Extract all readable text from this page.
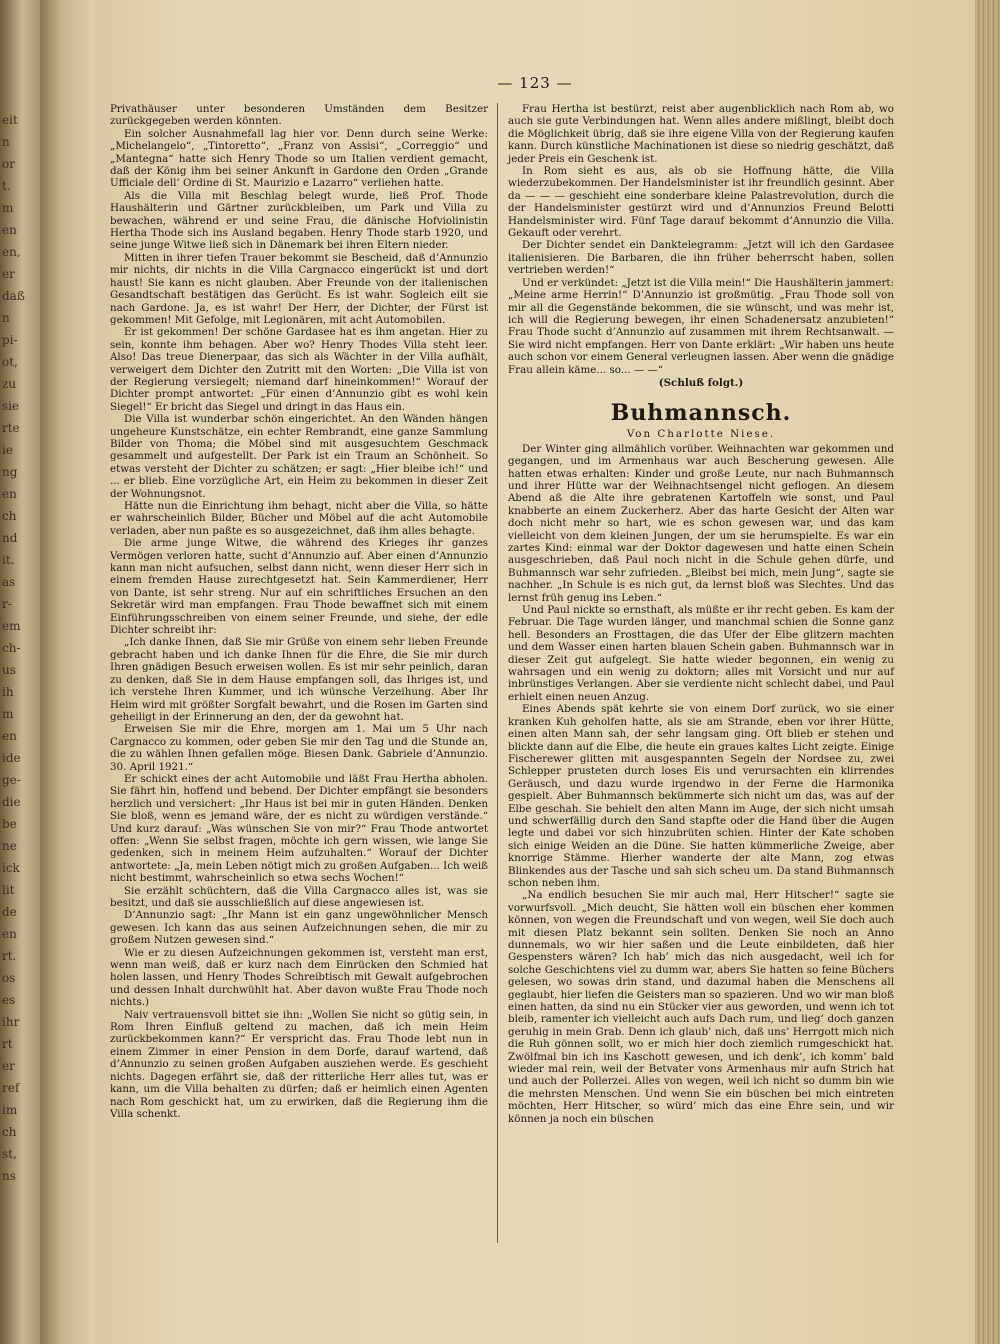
eit
n
or
t.
m
en
en,
er
daß
n
pi-
ot,
zu
sie
rte
ie
ng
en
ch
nd
it.
as
r-
em
ch-
us
ih
m
en
ide
ge-
die
be
ne
ick
lit
de
en
rt.
os
es
ihr
rt
er
ref
im
ch
st,
ns
— 123 —

Privathäuser unter besonderen Umständen dem Besitzer zurückgegeben werden könnten.

Ein solcher Ausnahmefall lag hier vor. Denn durch seine Werke: „Michelangelo“, „Tintoretto“, „Franz von Assisi“, „Correggio“ und „Mantegna“ hatte sich Henry Thode so um Italien verdient gemacht, daß der König ihm bei seiner Ankunft in Gardone den Orden „Grande Ufficiale dell’ Ordine di St. Maurizio e Lazarro“ verliehen hatte.

Als die Villa mit Beschlag belegt wurde, ließ Prof. Thode Haushälterin und Gärtner zurückbleiben, um Park und Villa zu bewachen, während er und seine Frau, die dänische Hofviolinistin Hertha Thode sich ins Ausland begaben. Henry Thode starb 1920, und seine junge Witwe ließ sich in Dänemark bei ihren Eltern nieder.

Mitten in ihrer tiefen Trauer bekommt sie Bescheid, daß d’Annunzio mir nichts, dir nichts in die Villa Cargnacco eingerückt ist und dort haust! Sie kann es nicht glauben. Aber Freunde von der italienischen Gesandtschaft bestätigen das Gerücht. Es ist wahr. Sogleich eilt sie nach Gardone. Ja, es ist wahr! Der Herr, der Dichter, der Fürst ist gekommen! Mit Gefolge, mit Legionären, mit acht Automobilen.

Er ist gekommen! Der schöne Gardasee hat es ihm angetan. Hier zu sein, konnte ihm behagen. Aber wo? Henry Thodes Villa steht leer. Also! Das treue Dienerpaar, das sich als Wächter in der Villa aufhält, verweigert dem Dichter den Zutritt mit den Worten: „Die Villa ist von der Regierung versiegelt; niemand darf hineinkommen!“ Worauf der Dichter prompt antwortet: „Für einen d’Annunzio gibt es wohl kein Siegel!“ Er bricht das Siegel und dringt in das Haus ein.

Die Villa ist wunderbar schön eingerichtet. An den Wänden hängen ungeheure Kunstschätze, ein echter Rembrandt, eine ganze Sammlung Bilder von Thoma; die Möbel sind mit ausgesuchtem Geschmack gesammelt und aufgestellt. Der Park ist ein Traum an Schönheit. So etwas versteht der Dichter zu schätzen; er sagt: „Hier bleibe ich!“ und ... er blieb. Eine vorzügliche Art, ein Heim zu bekommen in dieser Zeit der Wohnungsnot.

Hätte nun die Einrichtung ihm behagt, nicht aber die Villa, so hätte er wahrscheinlich Bilder, Bücher und Möbel auf die acht Automobile verladen, aber nun paßte es so ausgezeichnet, daß ihm alles behagte.

Die arme junge Witwe, die während des Krieges ihr ganzes Vermögen verloren hatte, sucht d’Annunzio auf. Aber einen d’Annunzio kann man nicht aufsuchen, selbst dann nicht, wenn dieser Herr sich in einem fremden Hause zurechtgesetzt hat. Sein Kammerdiener, Herr von Dante, ist sehr streng. Nur auf ein schriftliches Ersuchen an den Sekretär wird man empfangen. Frau Thode bewaffnet sich mit einem Einführungsschreiben von einem seiner Freunde, und siehe, der edle Dichter schreibt ihr:

„Ich danke Ihnen, daß Sie mir Grüße von einem sehr lieben Freunde gebracht haben und ich danke Ihnen für die Ehre, die Sie mir durch Ihren gnädigen Besuch erweisen wollen. Es ist mir sehr peinlich, daran zu denken, daß Sie in dem Hause empfangen soll, das Ihriges ist, und ich verstehe Ihren Kummer, und ich wünsche Verzeihung. Aber Ihr Heim wird mit größter Sorgfalt bewahrt, und die Rosen im Garten sind geheiligt in der Erinnerung an den, der da gewohnt hat.

Erweisen Sie mir die Ehre, morgen am 1. Mai um 5 Uhr nach Cargnacco zu kommen, oder geben Sie mir den Tag und die Stunde an, die zu wählen Ihnen gefallen möge. Biesen Dank. Gabriele d’Annunzio. 30. April 1921.“

Er schickt eines der acht Automobile und läßt Frau Hertha abholen. Sie fährt hin, hoffend und bebend. Der Dichter empfängt sie besonders herzlich und versichert: „Ihr Haus ist bei mir in guten Händen. Denken Sie bloß, wenn es jemand wäre, der es nicht zu würdigen verstände.“ Und kurz darauf: „Was wünschen Sie von mir?“ Frau Thode antwortet offen: „Wenn Sie selbst fragen, möchte ich gern wissen, wie lange Sie gedenken, sich in meinem Heim aufzuhalten.“ Worauf der Dichter antwortete: „Ja, mein Leben nötigt mich zu großen Aufgaben... Ich weiß nicht bestimmt, wahrscheinlich so etwa sechs Wochen!“

Sie erzählt schüchtern, daß die Villa Cargnacco alles ist, was sie besitzt, und daß sie ausschließlich auf diese angewiesen ist.

D’Annunzio sagt: „Ihr Mann ist ein ganz ungewöhnlicher Mensch gewesen. Ich kann das aus seinen Aufzeichnungen sehen, die mir zu großem Nutzen gewesen sind.“

Wie er zu diesen Aufzeichnungen gekommen ist, versteht man erst, wenn man weiß, daß er kurz nach dem Einrücken den Schmied hat holen lassen, und Henry Thodes Schreibtisch mit Gewalt aufgebrochen und dessen Inhalt durchwühlt hat. Aber davon wußte Frau Thode noch nichts.)

Naiv vertrauensvoll bittet sie ihn: „Wollen Sie nicht so gütig sein, in Rom Ihren Einfluß geltend zu machen, daß ich mein Heim zurückbekommen kann?“ Er verspricht das. Frau Thode lebt nun in einem Zimmer in einer Pension in dem Dorfe, darauf wartend, daß d’Annunzio zu seinen großen Aufgaben ausziehen werde. Es geschieht nichts. Dagegen erfährt sie, daß der ritterliche Herr alles tut, was er kann, um die Villa behalten zu dürfen; daß er heimlich einen Agenten nach Rom geschickt hat, um zu erwirken, daß die Regierung ihm die Villa schenkt.

Frau Hertha ist bestürzt, reist aber augenblicklich nach Rom ab, wo auch sie gute Verbindungen hat. Wenn alles andere mißlingt, bleibt doch die Möglichkeit übrig, daß sie ihre eigene Villa von der Regierung kaufen kann. Durch künstliche Machinationen ist diese so niedrig geschätzt, daß jeder Preis ein Geschenk ist.

In Rom sieht es aus, als ob sie Hoffnung hätte, die Villa wiederzubekommen. Der Handelsminister ist ihr freundlich gesinnt. Aber da — — — geschieht eine sonderbare kleine Palastrevolution, durch die der Handelsminister gestürzt wird und d’Annunzios Freund Belotti Handelsminister wird. Fünf Tage darauf bekommt d’Annunzio die Villa. Gekauft oder verehrt.

Der Dichter sendet ein Danktelegramm: „Jetzt will ich den Gardasee italienisieren. Die Barbaren, die ihn früher beherrscht haben, sollen vertrieben werden!“

Und er verkündet: „Jetzt ist die Villa mein!“ Die Haushälterin jammert: „Meine arme Herrin!“ D’Annunzio ist großmütig. „Frau Thode soll von mir all die Gegenstände bekommen, die sie wünscht, und was mehr ist, ich will die Regierung bewegen, ihr einen Schadenersatz anzubieten!“ Frau Thode sucht d’Annunzio auf zusammen mit ihrem Rechtsanwalt. — Sie wird nicht empfangen. Herr von Dante erklärt: „Wir haben uns heute auch schon vor einem General verleugnen lassen. Aber wenn die gnädige Frau allein käme... so... — —“

(Schluß folgt.)
Buhmannsch.
Von Charlotte Niese.

Der Winter ging allmählich vorüber. Weihnachten war gekommen und gegangen, und im Armenhaus war auch Bescherung gewesen. Alle hatten etwas erhalten: Kinder und große Leute, nur nach Buhmannsch und ihrer Hütte war der Weihnachtsengel nicht geflogen. An diesem Abend aß die Alte ihre gebratenen Kartoffeln wie sonst, und Paul knabberte an einem Zuckerherz. Aber das harte Gesicht der Alten war doch nicht mehr so hart, wie es schon gewesen war, und das kam vielleicht von dem kleinen Jungen, der um sie herumspielte. Es war ein zartes Kind: einmal war der Doktor dagewesen und hatte einen Schein ausgeschrieben, daß Paul noch nicht in die Schule gehen dürfe, und Buhmannsch war sehr zufrieden. „Bleibst bei mich, mein Jung“, sagte sie nachher. „In Schule is es nich gut, da lernst bloß was Slechtes. Und das lernst früh genug ins Leben.“

Und Paul nickte so ernsthaft, als müßte er ihr recht geben. Es kam der Februar. Die Tage wurden länger, und manchmal schien die Sonne ganz hell. Besonders an Frosttagen, die das Ufer der Elbe glitzern machten und dem Wasser einen harten blauen Schein gaben. Buhmannsch war in dieser Zeit gut aufgelegt. Sie hatte wieder begonnen, ein wenig zu wahrsagen und ein wenig zu doktorn; alles mit Vorsicht und nur auf inbrünstiges Verlangen. Aber sie verdiente nicht schlecht dabei, und Paul erhielt einen neuen Anzug.

Eines Abends spät kehrte sie von einem Dorf zurück, wo sie einer kranken Kuh geholfen hatte, als sie am Strande, eben vor ihrer Hütte, einen alten Mann sah, der sehr langsam ging. Oft blieb er stehen und blickte dann auf die Elbe, die heute ein graues kaltes Licht zeigte. Einige Fischerewer glitten mit ausgespannten Segeln der Nordsee zu, zwei Schlepper prusteten durch loses Eis und verursachten ein klirrendes Geräusch, und dazu wurde irgendwo in der Ferne die Harmonika gespielt. Aber Buhmannsch bekümmerte sich nicht um das, was auf der Elbe geschah. Sie behielt den alten Mann im Auge, der sich nicht umsah und schwerfällig durch den Sand stapfte oder die Hand über die Augen legte und dabei vor sich hinzubrüten schien. Hinter der Kate schoben sich einige Weiden an die Düne. Sie hatten kümmerliche Zweige, aber knorrige Stämme. Hierher wanderte der alte Mann, zog etwas Blinkendes aus der Tasche und sah sich scheu um. Da stand Buhmannsch schon neben ihm.

„Na endlich besuchen Sie mir auch mal, Herr Hitscher!“ sagte sie vorwurfsvoll. „Mich deucht, Sie hätten woll ein büschen eher kommen können, von wegen die Freundschaft und von wegen, weil Sie doch auch mit diesen Platz bekannt sein sollten. Denken Sie noch an Anno dunnemals, wo wir hier saßen und die Leute einbildeten, daß hier Gespensters wären? Ich hab’ mich das nich ausgedacht, weil ich for solche Geschichtens viel zu dumm war, abers Sie hatten so feine Büchers gelesen, wo sowas drin stand, und dazumal haben die Menschens all geglaubt, hier liefen die Geisters man so spazieren. Und wo wir man bloß einen hatten, da sind nu ein Stücker vier aus geworden, und wenn ich tot bleib, ramenter ich vielleicht auch aufs Dach rum, und lieg’ doch ganzen geruhig in mein Grab. Denn ich glaub’ nich, daß uns’ Herrgott mich nich die Ruh gönnen sollt, wo er mich hier doch ziemlich rumgeschickt hat. Zwölfmal bin ich ins Kaschott gewesen, und ich denk’, ich komm’ bald wieder mal rein, weil der Betvater vons Armenhaus mir aufn Strich hat und auch der Pollerzei. Alles von wegen, weil ich nicht so dumm bin wie die mehrsten Menschen. Und wenn Sie ein büschen bei mich eintreten möchten, Herr Hitscher, so würd’ mich das eine Ehre sein, und wir können ja noch ein büschen
